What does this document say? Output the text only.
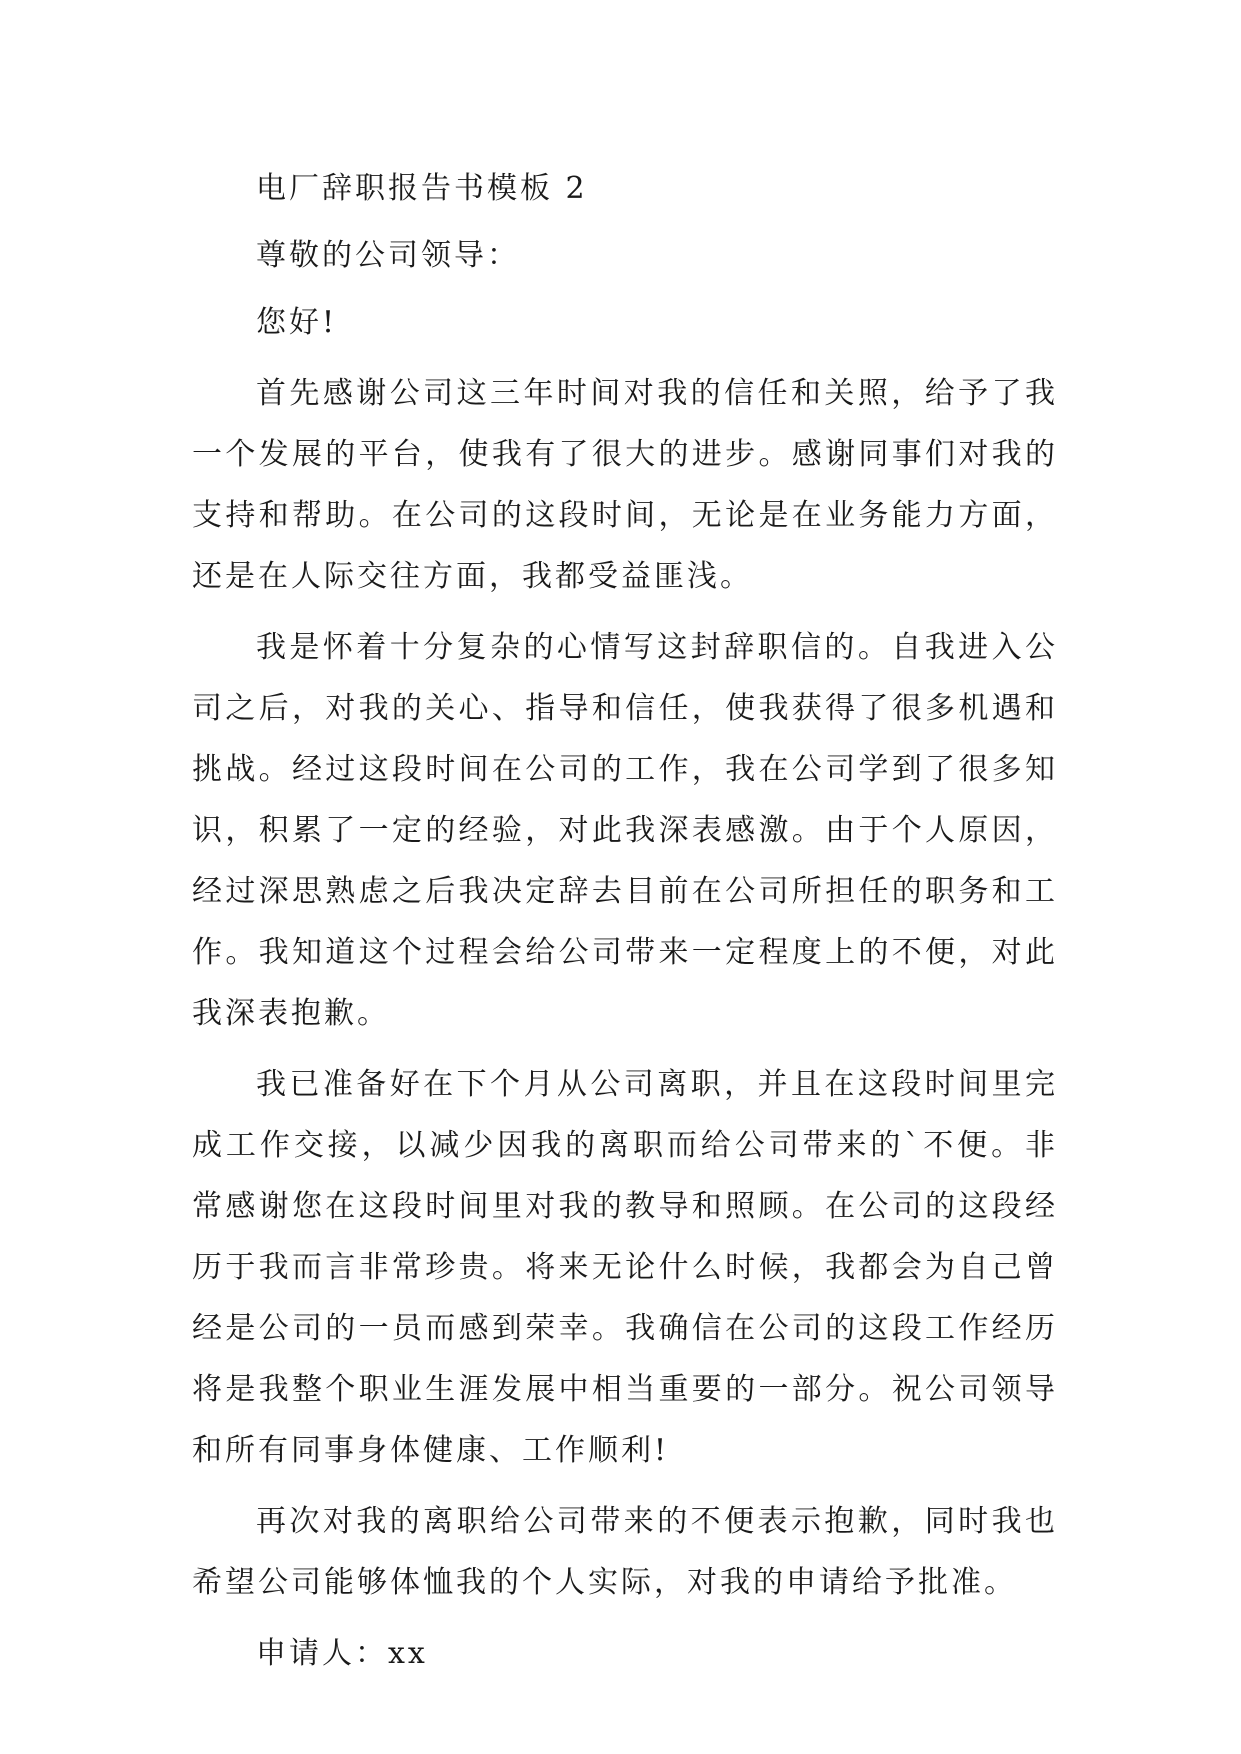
电厂辞职报告书模板 2

尊敬的公司领导：

您好!

首先感谢公司这三年时间对我的信任和关照，给予了我一个发展的平台，使我有了很大的进步。感谢同事们对我的支持和帮助。在公司的这段时间，无论是在业务能力方面，还是在人际交往方面，我都受益匪浅。

我是怀着十分复杂的心情写这封辞职信的。自我进入公司之后，对我的关心、指导和信任，使我获得了很多机遇和挑战。经过这段时间在公司的工作，我在公司学到了很多知识，积累了一定的经验，对此我深表感激。由于个人原因，经过深思熟虑之后我决定辞去目前在公司所担任的职务和工作。我知道这个过程会给公司带来一定程度上的不便，对此我深表抱歉。

我已准备好在下个月从公司离职，并且在这段时间里完成工作交接，以减少因我的离职而给公司带来的`不便。非常感谢您在这段时间里对我的教导和照顾。在公司的这段经历于我而言非常珍贵。将来无论什么时候，我都会为自己曾经是公司的一员而感到荣幸。我确信在公司的这段工作经历将是我整个职业生涯发展中相当重要的一部分。祝公司领导和所有同事身体健康、工作顺利!

再次对我的离职给公司带来的不便表示抱歉，同时我也希望公司能够体恤我的个人实际，对我的申请给予批准。

申请人：xx
